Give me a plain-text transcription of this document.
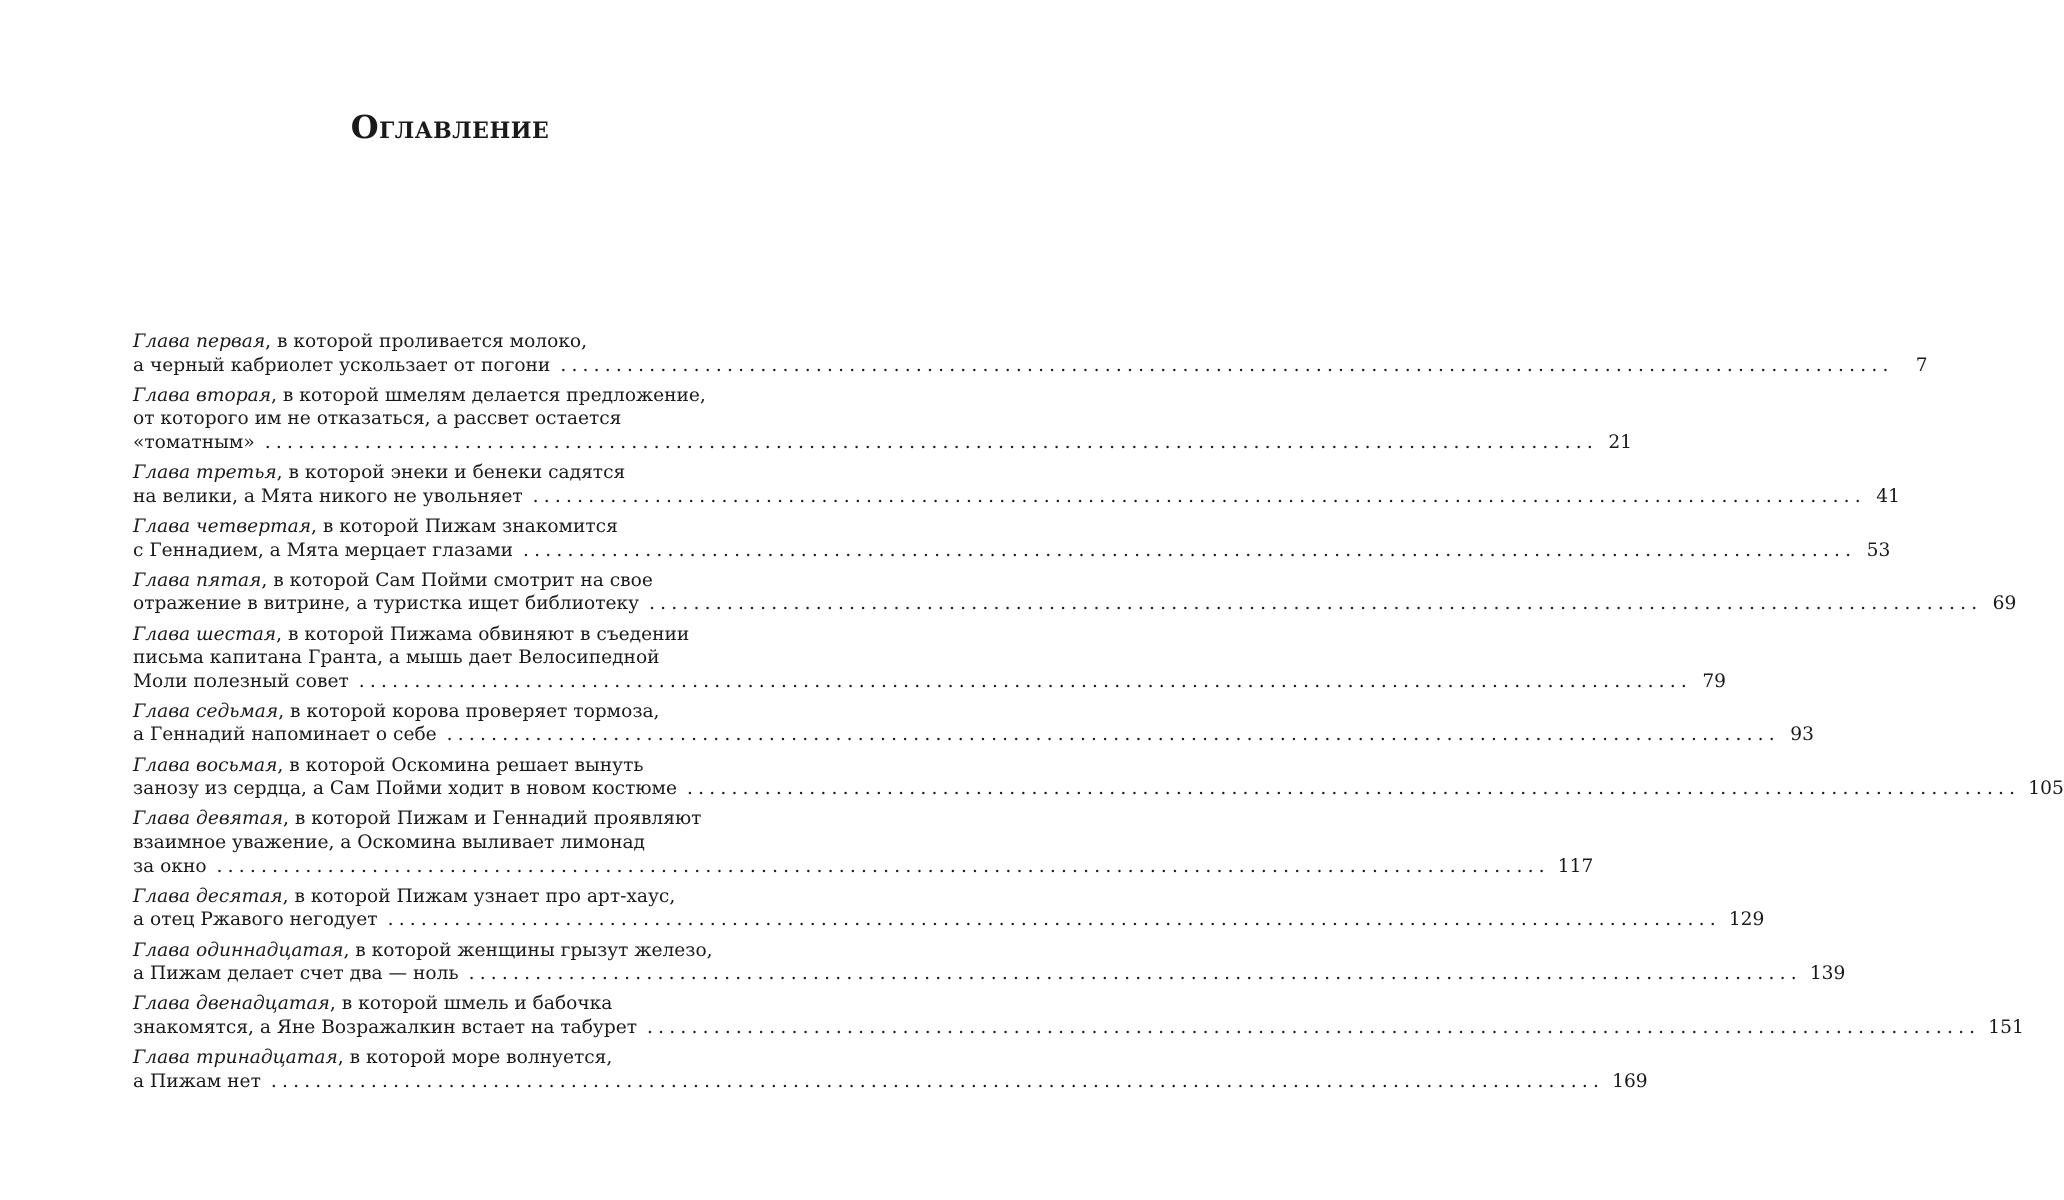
Оглавление
Глава первая, в которой проливается молоко,
а черный кабриолет ускользает от погони ........................................................................................................................	7
Глава вторая, в которой шмелям делается предложение,
от которого им не отказаться, а рассвет остается
«томатным» ........................................................................................................................ 21
Глава третья, в которой энеки и бенеки садятся
на велики, а Мята никого не увольняет ........................................................................................................................ 41
Глава четвертая, в которой Пижам знакомится
с Геннадием, а Мята мерцает глазами ........................................................................................................................ 53
Глава пятая, в которой Сам Пойми смотрит на свое
отражение в витрине, а туристка ищет библиотеку ........................................................................................................................ 69
Глава шестая, в которой Пижама обвиняют в съедении
письма капитана Гранта, а мышь дает Велосипедной
Моли полезный совет ........................................................................................................................ 79
Глава седьмая, в которой корова проверяет тормоза,
а Геннадий напоминает о себе ........................................................................................................................ 93
Глава восьмая, в которой Оскомина решает вынуть
занозу из сердца, а Сам Пойми ходит в новом костюме ........................................................................................................................ 105
Глава девятая, в которой Пижам и Геннадий проявляют
взаимное уважение, а Оскомина выливает лимонад
за окно ........................................................................................................................ 117
Глава десятая, в которой Пижам узнает про арт-хаус,
а отец Ржавого негодует ........................................................................................................................ 129
Глава одиннадцатая, в которой женщины грызут железо,
а Пижам делает счет два — ноль ........................................................................................................................ 139
Глава двенадцатая, в которой шмель и бабочка
знакомятся, а Яне Возражалкин встает на табурет ........................................................................................................................ 151
Глава тринадцатая, в которой море волнуется,
а Пижам нет ........................................................................................................................ 169
